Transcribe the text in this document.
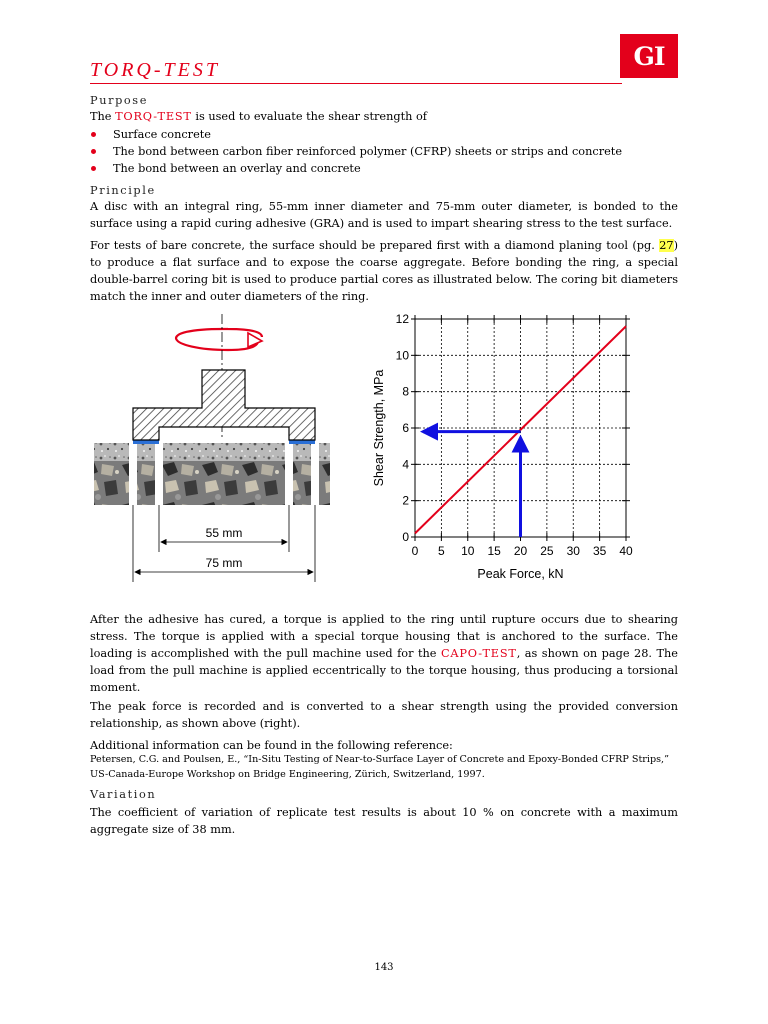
GI
TORQ-TEST
Purpose
The TORQ-TEST is used to evaluate the shear strength of
Surface concrete
The bond between carbon fiber reinforced polymer (CFRP) sheets or strips and concrete
The bond between an overlay and concrete
Principle
A disc with an integral ring, 55-mm inner diameter and 75-mm outer diameter, is bonded to the surface using a rapid curing adhesive (GRA) and is used to impart shearing stress to the test surface.
For tests of bare concrete, the surface should be prepared first with a diamond planing tool (pg. 27) to produce a flat surface and to expose the coarse aggregate. Before bonding the ring, a special double-barrel coring bit is used to produce partial cores as illustrated below. The coring bit diameters match the inner and outer diameters of the ring.
55 mm
75 mm
0 5 10 15 20 25 30 35 40
0
2
4
6
8
10
12
Peak Force, kN
Shear Strength, MPa
After the adhesive has cured, a torque is applied to the ring until rupture occurs due to shearing stress. The torque is applied with a special torque housing that is anchored to the surface. The loading is accomplished with the pull machine used for the CAPO-TEST, as shown on page 28. The load from the pull machine is applied eccentrically to the torque housing, thus producing a torsional moment.
The peak force is recorded and is converted to a shear strength using the provided conversion relationship, as shown above (right).
Additional information can be found in the following reference:
Petersen, C.G. and Poulsen, E., “In-Situ Testing of Near-to-Surface Layer of Concrete and Epoxy-Bonded CFRP Strips,” US-Canada-Europe Workshop on Bridge Engineering, Zürich, Switzerland, 1997.
Variation
The coefficient of variation of replicate test results is about 10 % on concrete with a maximum aggregate size of 38 mm.
143
